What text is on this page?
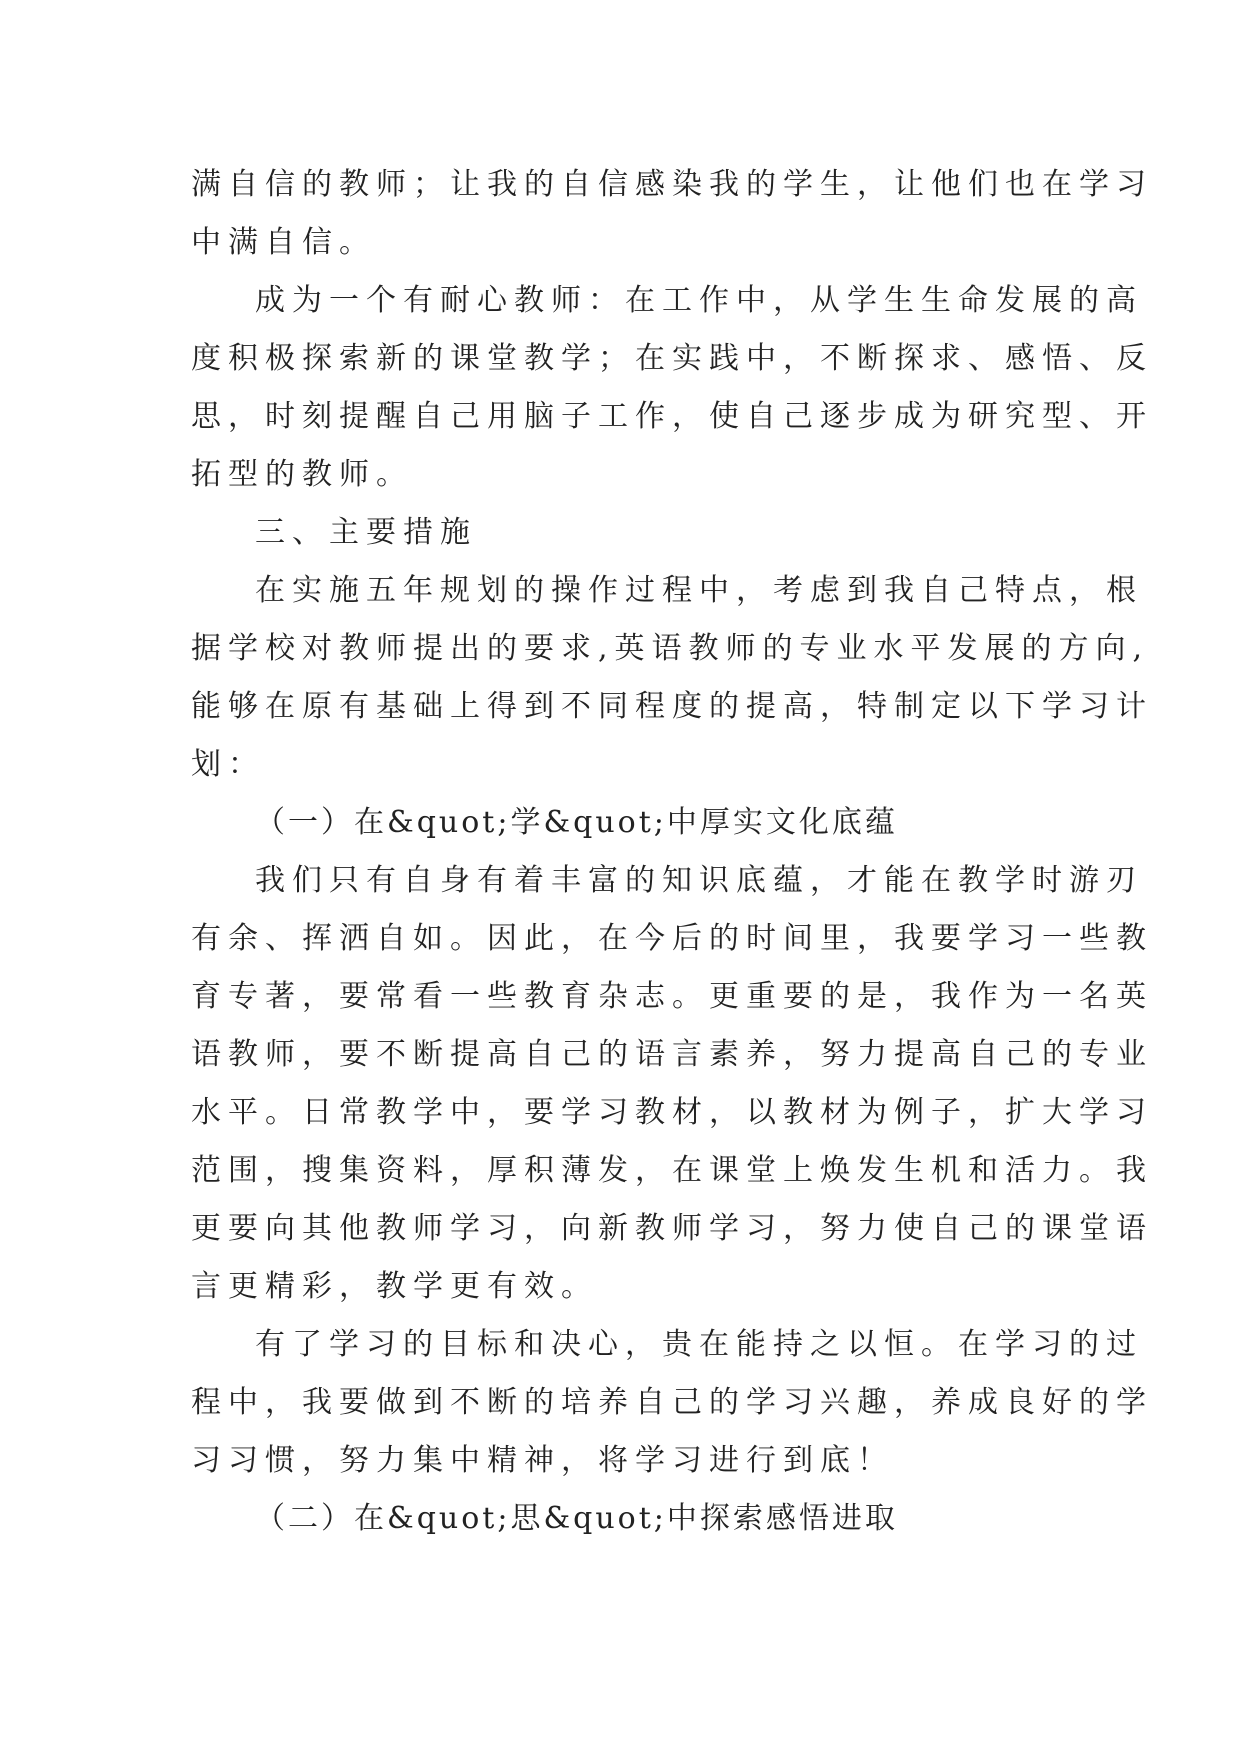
满自信的教师；让我的自信感染我的学生，让他们也在学习
中满自信。
成为一个有耐心教师：在工作中，从学生生命发展的高
度积极探索新的课堂教学；在实践中，不断探求、感悟、反
思，时刻提醒自己用脑子工作，使自己逐步成为研究型、开
拓型的教师。
三、主要措施
在实施五年规划的操作过程中，考虑到我自己特点，根
据学校对教师提出的要求,英语教师的专业水平发展的方向,
能够在原有基础上得到不同程度的提高，特制定以下学习计
划：
（一）在&quot;学&quot;中厚实文化底蕴
我们只有自身有着丰富的知识底蕴，才能在教学时游刃
有余、挥洒自如。因此，在今后的时间里，我要学习一些教
育专著，要常看一些教育杂志。更重要的是，我作为一名英
语教师，要不断提高自己的语言素养，努力提高自己的专业
水平。日常教学中，要学习教材，以教材为例子，扩大学习
范围，搜集资料，厚积薄发，在课堂上焕发生机和活力。我
更要向其他教师学习，向新教师学习，努力使自己的课堂语
言更精彩，教学更有效。
有了学习的目标和决心，贵在能持之以恒。在学习的过
程中，我要做到不断的培养自己的学习兴趣，养成良好的学
习习惯，努力集中精神，将学习进行到底！
（二）在&quot;思&quot;中探索感悟进取
